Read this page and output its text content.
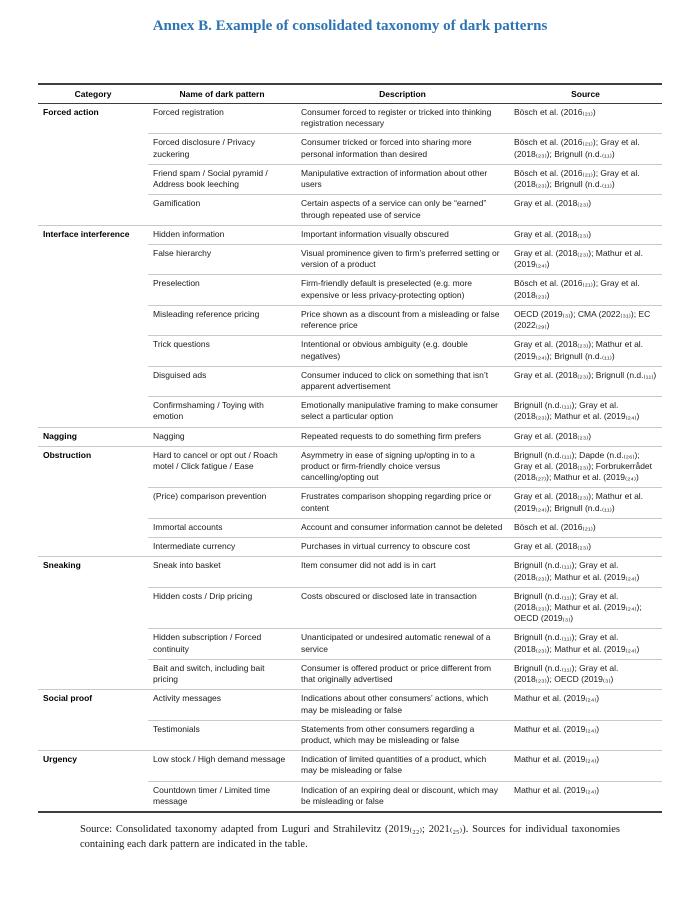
Annex B. Example of consolidated taxonomy of dark patterns
Category	Name of dark pattern	Description	Source
Forced action	Forced registration	Consumer forced to register or tricked into thinking registration necessary	Bösch et al. (2016₍₂₁₎)
	Forced disclosure / Privacy zuckering	Consumer tricked or forced into sharing more personal information than desired	Bösch et al. (2016₍₂₁₎); Gray et al. (2018₍₂₃₎); Brignull (n.d.₍₁₁₎)
	Friend spam / Social pyramid / Address book leeching	Manipulative extraction of information about other users	Bösch et al. (2016₍₂₁₎); Gray et al. (2018₍₂₃₎); Brignull (n.d.₍₁₁₎)
	Gamification	Certain aspects of a service can only be “earned” through repeated use of service	Gray et al. (2018₍₂₃₎)
Interface interference	Hidden information	Important information visually obscured	Gray et al. (2018₍₂₃₎)
	False hierarchy	Visual prominence given to firm’s preferred setting or version of a product	Gray et al. (2018₍₂₃₎); Mathur et al. (2019₍₂₄₎)
	Preselection	Firm-friendly default is preselected (e.g. more expensive or less privacy-protecting option)	Bösch et al. (2016₍₂₁₎); Gray et al. (2018₍₂₃₎)
	Misleading reference pricing	Price shown as a discount from a misleading or false reference price	OECD (2019₍₃₎); CMA (2022₍₃₁₎); EC (2022₍₂₉₎)
	Trick questions	Intentional or obvious ambiguity (e.g. double negatives)	Gray et al. (2018₍₂₃₎); Mathur et al. (2019₍₂₄₎); Brignull (n.d.₍₁₁₎)
	Disguised ads	Consumer induced to click on something that isn’t apparent advertisement	Gray et al. (2018₍₂₃₎); Brignull (n.d.₍₁₁₎)
	Confirmshaming / Toying with emotion	Emotionally manipulative framing to make consumer select a particular option	Brignull (n.d.₍₁₁₎); Gray et al. (2018₍₂₃₎); Mathur et al. (2019₍₂₄₎)
Nagging	Nagging	Repeated requests to do something firm prefers	Gray et al. (2018₍₂₃₎)
Obstruction	Hard to cancel or opt out / Roach motel / Click fatigue / Ease	Asymmetry in ease of signing up/opting in to a product or firm-friendly choice versus cancelling/opting out	Brignull (n.d.₍₁₁₎); Dapde (n.d.₍₂₆₎); Gray et al. (2018₍₂₃₎); Forbrukerrådet (2018₍₂₇₎); Mathur et al. (2019₍₂₄₎)
	(Price) comparison prevention	Frustrates comparison shopping regarding price or content	Gray et al. (2018₍₂₃₎); Mathur et al. (2019₍₂₄₎); Brignull (n.d.₍₁₁₎)
	Immortal accounts	Account and consumer information cannot be deleted	Bösch et al. (2016₍₂₁₎)
	Intermediate currency	Purchases in virtual currency to obscure cost	Gray et al. (2018₍₂₃₎)
Sneaking	Sneak into basket	Item consumer did not add is in cart	Brignull (n.d.₍₁₁₎); Gray et al. (2018₍₂₃₎); Mathur et al. (2019₍₂₄₎)
	Hidden costs / Drip pricing	Costs obscured or disclosed late in transaction	Brignull (n.d.₍₁₁₎); Gray et al. (2018₍₂₃₎); Mathur et al. (2019₍₂₄₎); OECD (2019₍₃₎)
	Hidden subscription / Forced continuity	Unanticipated or undesired automatic renewal of a service	Brignull (n.d.₍₁₁₎); Gray et al. (2018₍₂₃₎); Mathur et al. (2019₍₂₄₎)
	Bait and switch, including bait pricing	Consumer is offered product or price different from that originally advertised	Brignull (n.d.₍₁₁₎); Gray et al. (2018₍₂₃₎); OECD (2019₍₃₎)
Social proof	Activity messages	Indications about other consumers’ actions, which may be misleading or false	Mathur et al. (2019₍₂₄₎)
	Testimonials	Statements from other consumers regarding a product, which may be misleading or false	Mathur et al. (2019₍₂₄₎)
Urgency	Low stock / High demand message	Indication of limited quantities of a product, which may be misleading or false	Mathur et al. (2019₍₂₄₎)
	Countdown timer / Limited time message	Indication of an expiring deal or discount, which may be misleading or false	Mathur et al. (2019₍₂₄₎)

Source: Consolidated taxonomy adapted from Luguri and Strahilevitz (2019₍₂₂₎; 2021₍₂₅₎). Sources for individual taxonomies containing each dark pattern are indicated in the table.
